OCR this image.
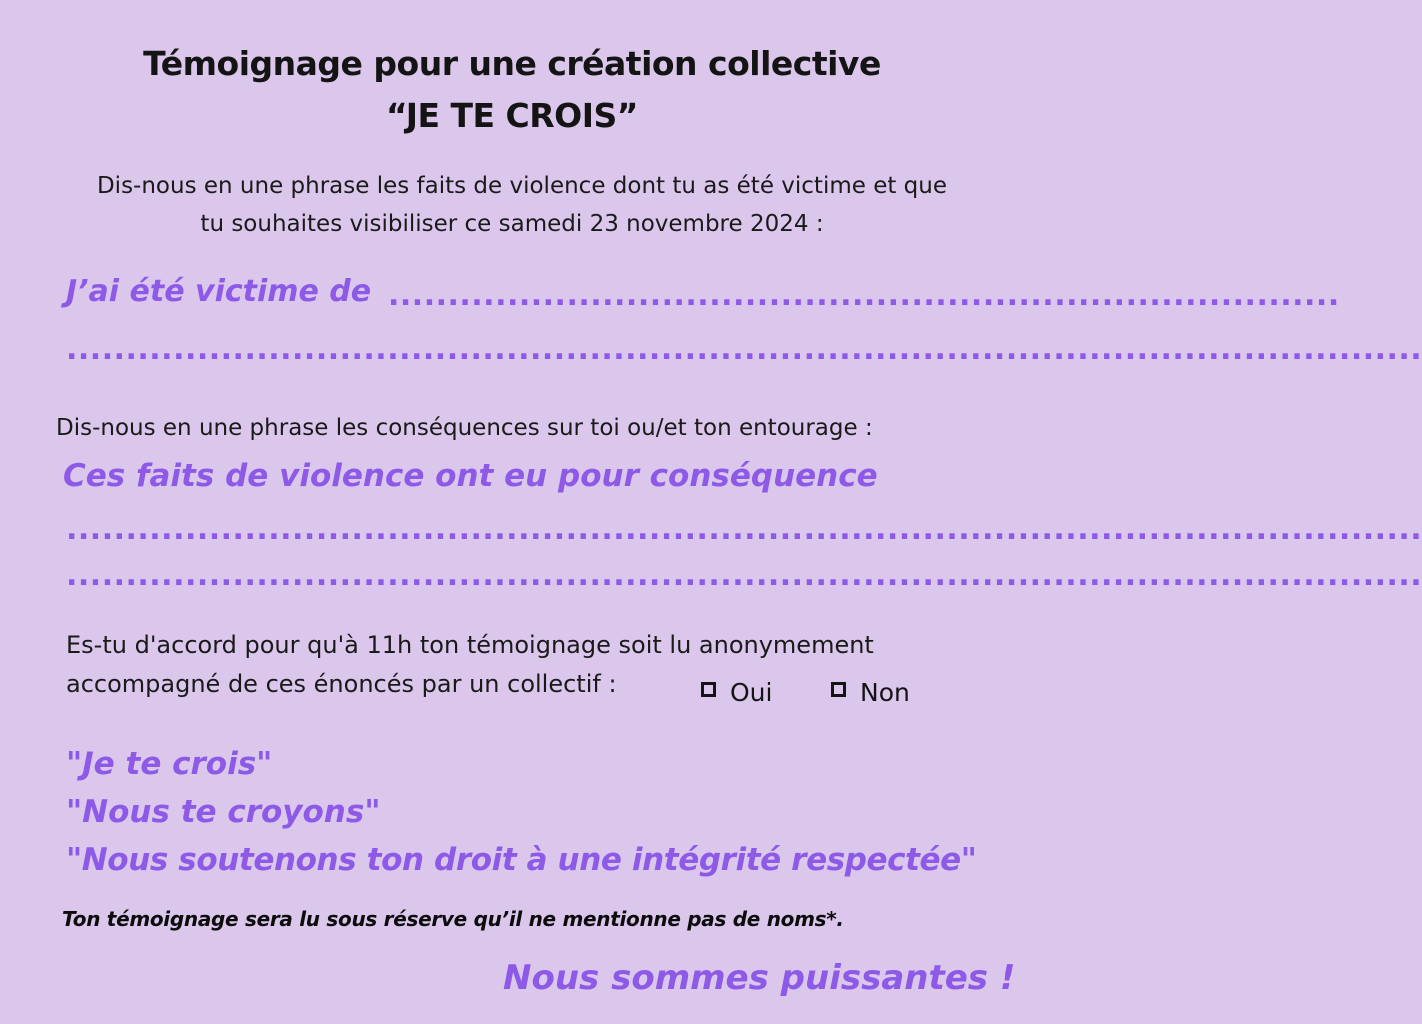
Témoignage pour une création collective
“JE TE CROIS”
Dis-nous en une phrase les faits de violence dont tu as été victime et que
tu souhaites visibiliser ce samedi 23 novembre 2024 :
J’ai été victime de ................................................................................
..................................................................................................................
Dis-nous en une phrase les conséquences sur toi ou/et ton entourage :
Ces faits de violence ont eu pour conséquence
..................................................................................................................
..................................................................................................................
Es-tu d'accord pour qu'à 11h ton témoignage soit lu anonymement
accompagné de ces énoncés par un collectif :	Oui	Non
"Je te crois"
"Nous te croyons"
"Nous soutenons ton droit à une intégrité respectée"
Ton témoignage sera lu sous réserve qu’il ne mentionne pas de noms*.
Nous sommes puissantes !
